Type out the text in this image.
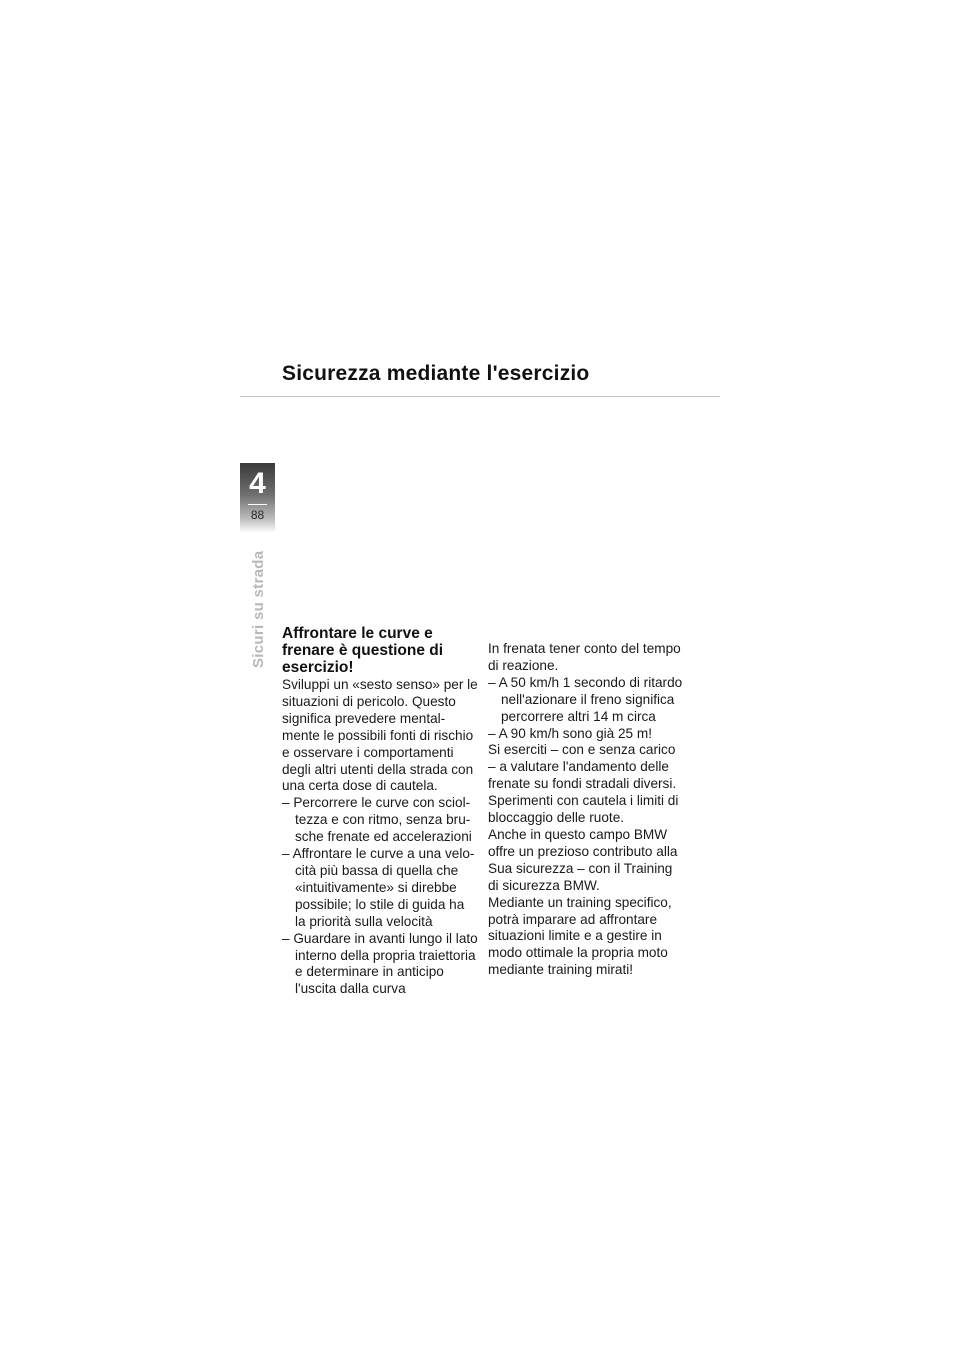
Sicurezza mediante l'esercizio
4
88
Sicuri su strada Affrontare le curve e frenare è questione di esercizio!

Sviluppi un «sesto senso» per le situazioni di pericolo. Questo significa prevedere mental-mente le possibili fonti di rischio e osservare i comportamenti degli altri utenti della strada con una certa dose di cautela.

– Percorrere le curve con sciol-tezza e con ritmo, senza bru-sche frenate ed accelerazioni

– Affrontare le curve a una velo-cità più bassa di quella che «intuitivamente» si direbbe possibile; lo stile di guida ha la priorità sulla velocità

– Guardare in avanti lungo il lato interno della propria traiettoria e determinare in anticipo l'uscita dalla curva

In frenata tener conto del tempo di reazione.

– A 50 km/h 1 secondo di ritardo nell'azionare il freno significa percorrere altri 14 m circa

– A 90 km/h sono già 25 m!

Si eserciti – con e senza carico – a valutare l'andamento delle frenate su fondi stradali diversi.

Sperimenti con cautela i limiti di bloccaggio delle ruote.

Anche in questo campo BMW offre un prezioso contributo alla Sua sicurezza – con il Training di sicurezza BMW.

Mediante un training specifico, potrà imparare ad affrontare situazioni limite e a gestire in modo ottimale la propria moto mediante training mirati!
